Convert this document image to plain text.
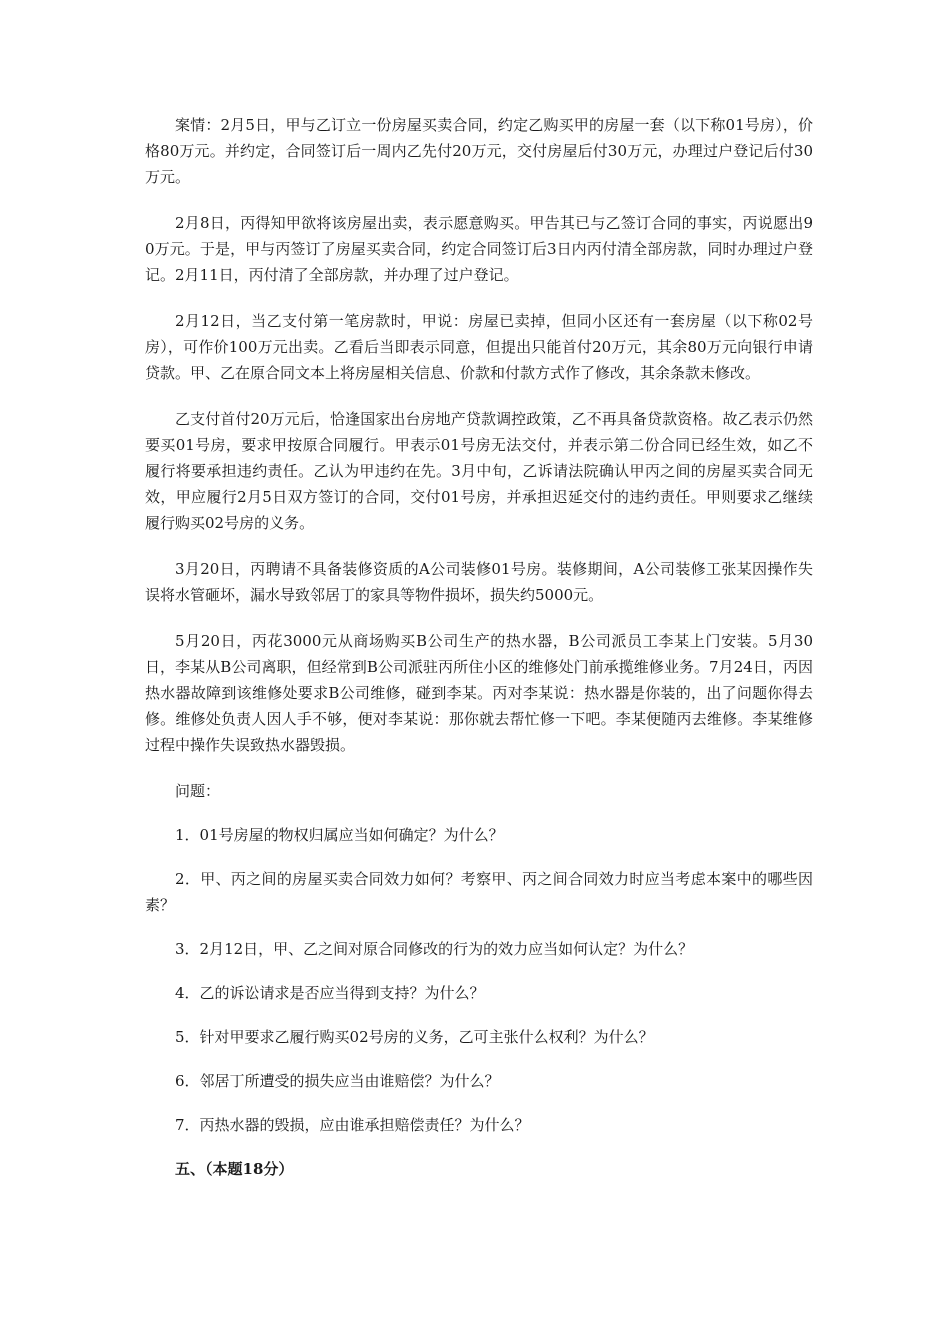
案情：2月5日，甲与乙订立一份房屋买卖合同，约定乙购买甲的房屋一套（以下称01号房），价格80万元。并约定，合同签订后一周内乙先付20万元，交付房屋后付30万元，办理过户登记后付30万元。

2月8日，丙得知甲欲将该房屋出卖，表示愿意购买。甲告其已与乙签订合同的事实，丙说愿出90万元。于是，甲与丙签订了房屋买卖合同，约定合同签订后3日内丙付清全部房款，同时办理过户登记。2月11日，丙付清了全部房款，并办理了过户登记。

2月12日，当乙支付第一笔房款时，甲说：房屋已卖掉，但同小区还有一套房屋（以下称02号房），可作价100万元出卖。乙看后当即表示同意，但提出只能首付20万元，其余80万元向银行申请贷款。甲、乙在原合同文本上将房屋相关信息、价款和付款方式作了修改，其余条款未修改。

乙支付首付20万元后，恰逢国家出台房地产贷款调控政策，乙不再具备贷款资格。故乙表示仍然要买01号房，要求甲按原合同履行。甲表示01号房无法交付，并表示第二份合同已经生效，如乙不履行将要承担违约责任。乙认为甲违约在先。3月中旬，乙诉请法院确认甲丙之间的房屋买卖合同无效，甲应履行2月5日双方签订的合同，交付01号房，并承担迟延交付的违约责任。甲则要求乙继续履行购买02号房的义务。

3月20日，丙聘请不具备装修资质的A公司装修01号房。装修期间，A公司装修工张某因操作失误将水管砸坏，漏水导致邻居丁的家具等物件损坏，损失约5000元。

5月20日，丙花3000元从商场购买B公司生产的热水器，B公司派员工李某上门安装。5月30日，李某从B公司离职，但经常到B公司派驻丙所住小区的维修处门前承揽维修业务。7月24日，丙因热水器故障到该维修处要求B公司维修，碰到李某。丙对李某说：热水器是你装的，出了问题你得去修。维修处负责人因人手不够，便对李某说：那你就去帮忙修一下吧。李某便随丙去维修。李某维修过程中操作失误致热水器毁损。

问题：

1．01号房屋的物权归属应当如何确定？为什么？

2．甲、丙之间的房屋买卖合同效力如何？考察甲、丙之间合同效力时应当考虑本案中的哪些因素？

3．2月12日，甲、乙之间对原合同修改的行为的效力应当如何认定？为什么？

4．乙的诉讼请求是否应当得到支持？为什么？

5．针对甲要求乙履行购买02号房的义务，乙可主张什么权利？为什么？

6．邻居丁所遭受的损失应当由谁赔偿？为什么？

7．丙热水器的毁损，应由谁承担赔偿责任？为什么？

五、（本题18分）
